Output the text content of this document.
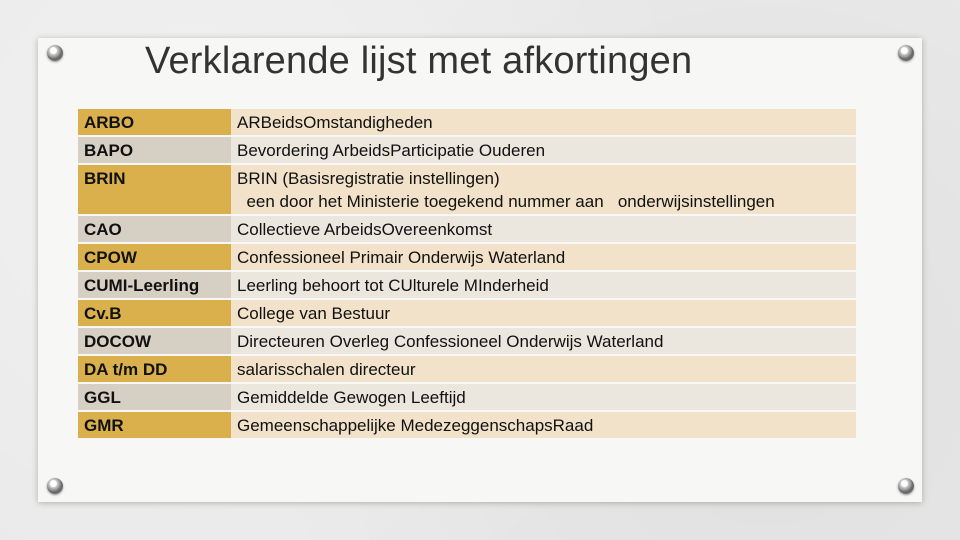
Verklarende lijst met afkortingen
ARBO	ARBeidsOmstandigheden

BAPO	Bevordering ArbeidsParticipatie Ouderen

BRIN	BRIN (Basisregistratie instellingen)
een door het Ministerie toegekend nummer aan   onderwijsinstellingen

CAO	Collectieve ArbeidsOvereenkomst

CPOW	Confessioneel Primair Onderwijs Waterland

CUMI-Leerling	Leerling behoort tot CUlturele MInderheid

Cv.B	College van Bestuur

DOCOW	Directeuren Overleg Confessioneel Onderwijs Waterland

DA t/m DD	salarisschalen directeur

GGL	Gemiddelde Gewogen Leeftijd

GMR	Gemeenschappelijke MedezeggenschapsRaad
